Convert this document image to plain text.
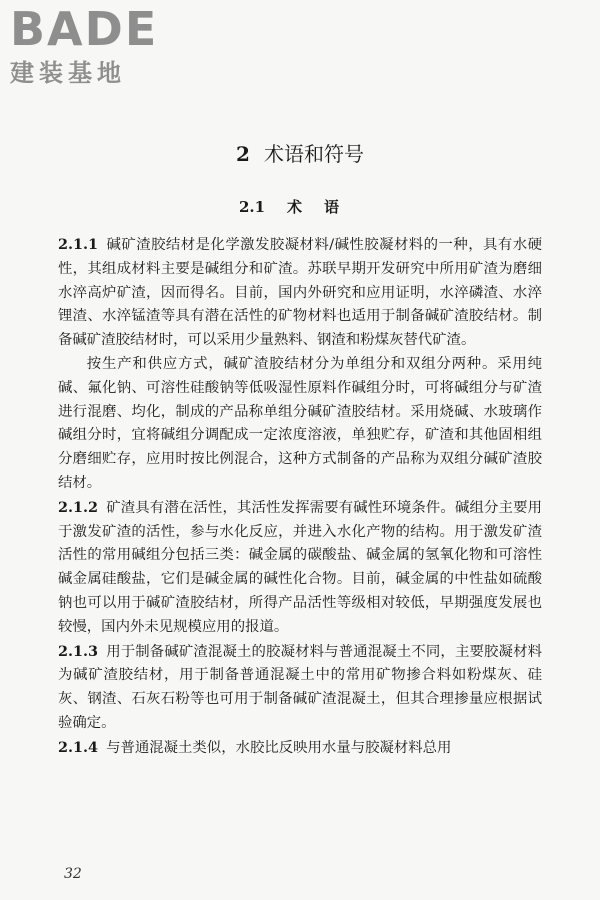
BADE
建装基地
2 术语和符号
2.1 术语

2.1.1 碱矿渣胶结材是化学激发胶凝材料/碱性胶凝材料的一种，具有水硬性，其组成材料主要是碱组分和矿渣。苏联早期开发研究中所用矿渣为磨细水淬高炉矿渣，因而得名。目前，国内外研究和应用证明，水淬磷渣、水淬锂渣、水淬锰渣等具有潜在活性的矿物材料也适用于制备碱矿渣胶结材。制备碱矿渣胶结材时，可以采用少量熟料、钢渣和粉煤灰替代矿渣。

按生产和供应方式，碱矿渣胶结材分为单组分和双组分两种。采用纯碱、氟化钠、可溶性硅酸钠等低吸湿性原料作碱组分时，可将碱组分与矿渣进行混磨、均化，制成的产品称单组分碱矿渣胶结材。采用烧碱、水玻璃作碱组分时，宜将碱组分调配成一定浓度溶液，单独贮存，矿渣和其他固相组分磨细贮存，应用时按比例混合，这种方式制备的产品称为双组分碱矿渣胶结材。

2.1.2 矿渣具有潜在活性，其活性发挥需要有碱性环境条件。碱组分主要用于激发矿渣的活性，参与水化反应，并进入水化产物的结构。用于激发矿渣活性的常用碱组分包括三类：碱金属的碳酸盐、碱金属的氢氧化物和可溶性碱金属硅酸盐，它们是碱金属的碱性化合物。目前，碱金属的中性盐如硫酸钠也可以用于碱矿渣胶结材，所得产品活性等级相对较低，早期强度发展也较慢，国内外未见规模应用的报道。

2.1.3 用于制备碱矿渣混凝土的胶凝材料与普通混凝土不同，主要胶凝材料为碱矿渣胶结材，用于制备普通混凝土中的常用矿物掺合料如粉煤灰、硅灰、钢渣、石灰石粉等也可用于制备碱矿渣混凝土，但其合理掺量应根据试验确定。

2.1.4 与普通混凝土类似，水胶比反映用水量与胶凝材料总用

32
